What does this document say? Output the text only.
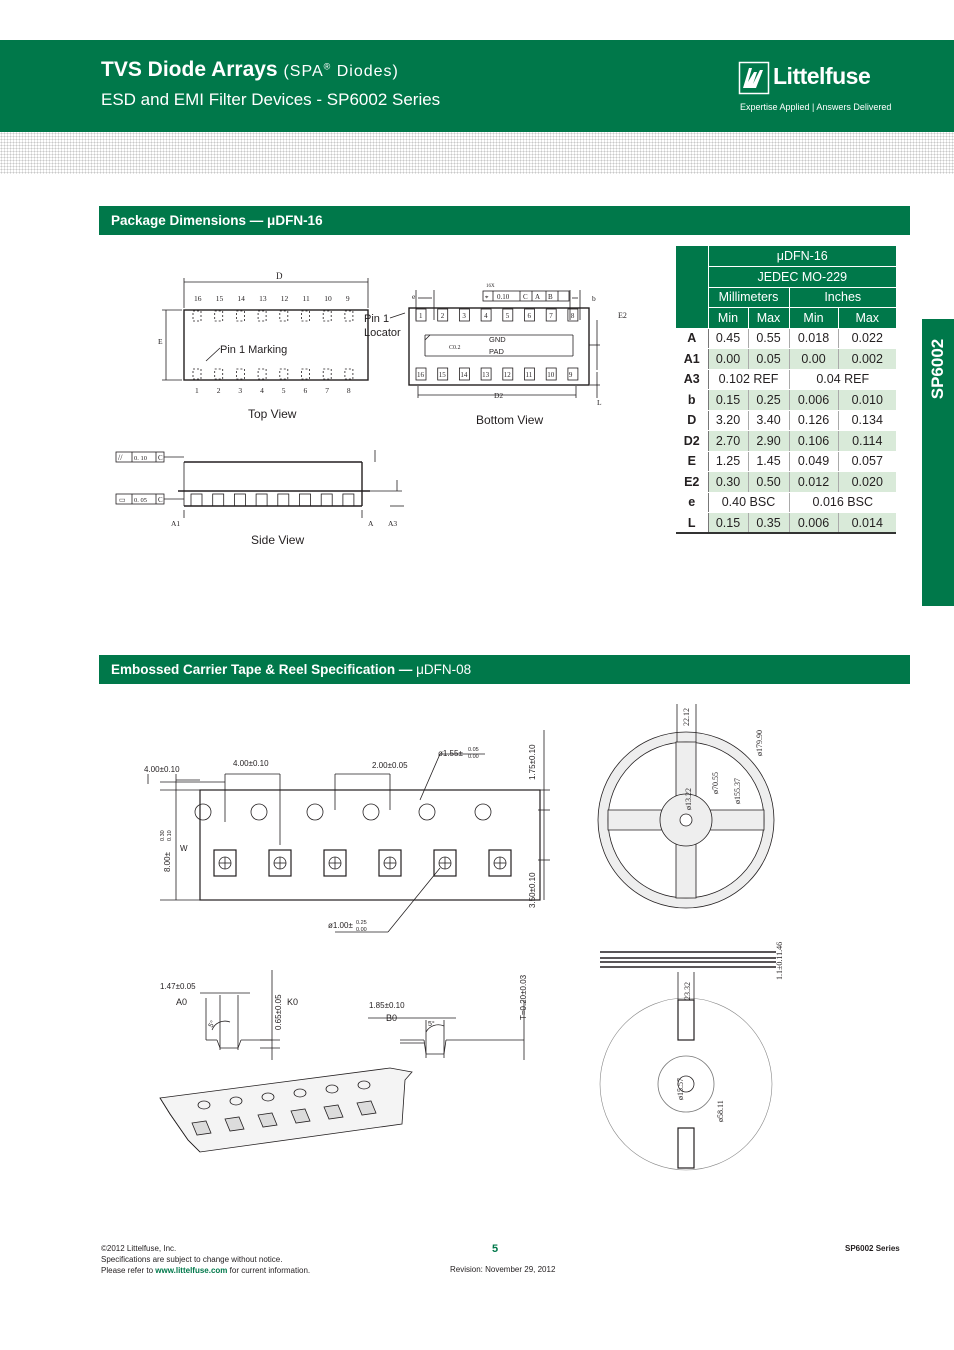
TVS Diode Arrays (SPA® Diodes)
ESD and EMI Filter Devices - SP6002 Series
Littelfuse
Expertise Applied | Answers Delivered
Package Dimensions — μDFN-16
SP6002
D
E
16 15 14 13 12 11 10 9
1 2 3 4 5 6 7 8
Pin 1 Marking
Top View
e	b
16X
⌖ 0.10 C A B
E2
Pin 1
Locator
C0.2
GND
PAD
1	2	3	4	5	6	7	8
16 15 14 13 12 11 10 9
D2
L
Bottom View
// 0. 10 C
▭ 0. 05 C
A1	A A3
Side View
	μDFN-16			
	JEDEC MO-229			
	Millimeters		Inches	
	Min	Max	Min	Max
A	0.45	0.55	0.018	0.022
A1	0.00	0.05	0.00	0.002
A3	0.102 REF		0.04 REF	
b	0.15	0.25	0.006	0.010
D	3.20	3.40	0.126	0.134
D2	2.70	2.90	0.106	0.114
E	1.25	1.45	0.049	0.057
E2	0.30	0.50	0.012	0.020
e	0.40 BSC		0.016 BSC	
L	0.15	0.35	0.006	0.014
Embossed Carrier Tape & Reel Specification — μDFN-08
4.00±0.10
4.00±0.10	2.00±0.05
ø1.55± 0.05
0.00	1.75±0.10
3.50±0.10
8.00±
0.30 0.10
W
ø1.00± 0.25
0.00
1.47±0.05
A0	0.65±0.05 K0	1.85±0.10
B0	T=0.20±0.03
5°	5°
22.12
ø179.90
ø155.37
ø70.55
ø13.22
1.1±0.11.46
23.32
ø15.57
ø58.11
©2012 Littelfuse, Inc.
Specifications are subject to change without notice.
Please refer to www.littelfuse.com for current information.
5
Revision: November 29, 2012
SP6002 Series
